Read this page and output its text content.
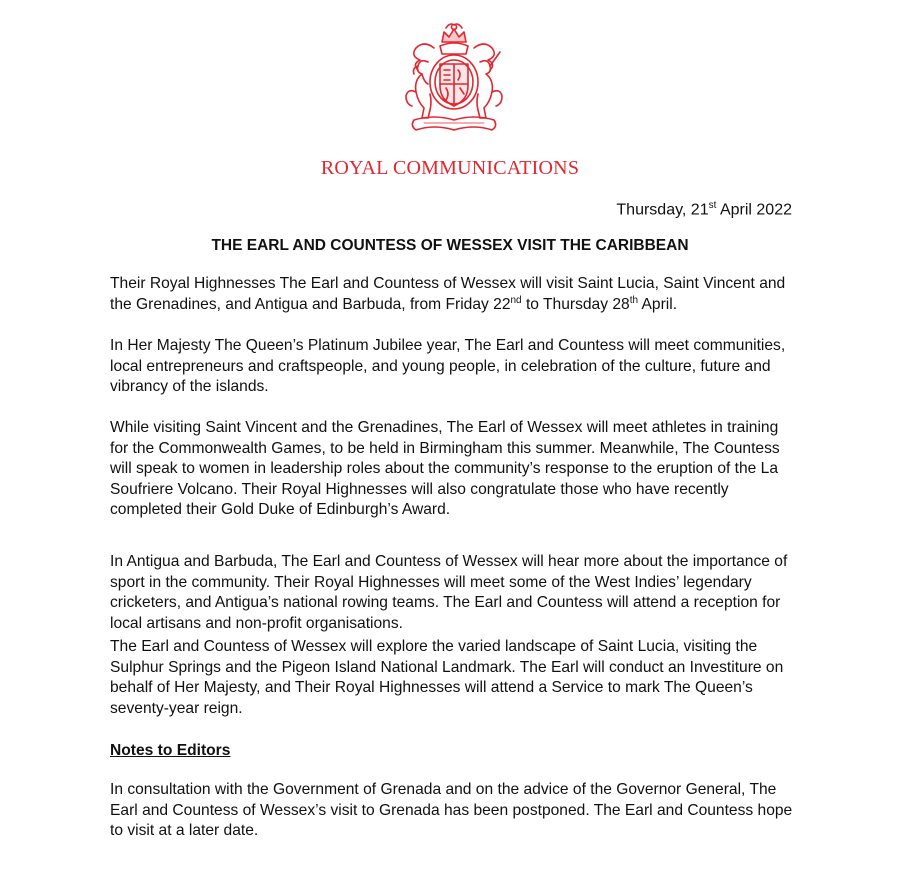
ROYAL COMMUNICATIONS
Thursday, 21st April 2022
THE EARL AND COUNTESS OF WESSEX VISIT THE CARIBBEAN
Their Royal Highnesses The Earl and Countess of Wessex will visit Saint Lucia, Saint Vincent and the Grenadines, and Antigua and Barbuda, from Friday 22nd to Thursday 28th April.
In Her Majesty The Queen’s Platinum Jubilee year, The Earl and Countess will meet communities, local entrepreneurs and craftspeople, and young people, in celebration of the culture, future and vibrancy of the islands.
While visiting Saint Vincent and the Grenadines, The Earl of Wessex will meet athletes in training for the Commonwealth Games, to be held in Birmingham this summer. Meanwhile, The Countess will speak to women in leadership roles about the community’s response to the eruption of the La Soufriere Volcano. Their Royal Highnesses will also congratulate those who have recently completed their Gold Duke of Edinburgh’s Award.
In Antigua and Barbuda, The Earl and Countess of Wessex will hear more about the importance of sport in the community. Their Royal Highnesses will meet some of the West Indies’ legendary cricketers, and Antigua’s national rowing teams. The Earl and Countess will attend a reception for local artisans and non-profit organisations.
The Earl and Countess of Wessex will explore the varied landscape of Saint Lucia, visiting the Sulphur Springs and the Pigeon Island National Landmark. The Earl will conduct an Investiture on behalf of Her Majesty, and Their Royal Highnesses will attend a Service to mark The Queen’s seventy-year reign.
Notes to Editors
In consultation with the Government of Grenada and on the advice of the Governor General, The Earl and Countess of Wessex’s visit to Grenada has been postponed. The Earl and Countess hope to visit at a later date.
